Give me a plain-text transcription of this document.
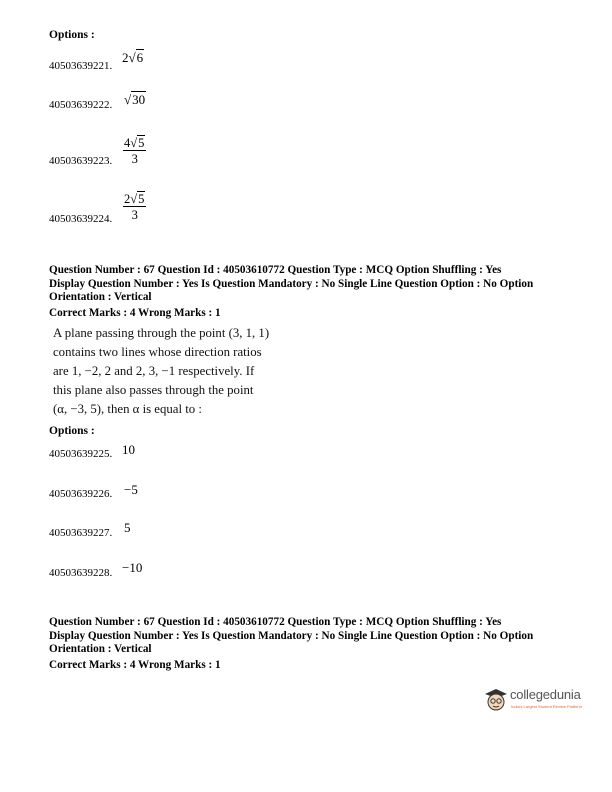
Options :
40503639221.
2√6
40503639222. √30
40503639223. $\frac{4√5}{3}$
40503639224. $\frac{2√5}{3}$
Question Number : 67 Question Id : 40503610772 Question Type : MCQ Option Shuffling : Yes
Display Question Number : Yes Is Question Mandatory : No Single Line Question Option : No Option
Orientation : Vertical
Correct Marks : 4 Wrong Marks : 1
A plane passing through the point (3, 1, 1)
contains two lines whose direction ratios
are 1, −2, 2 and 2, 3, −1 respectively. If
this plane also passes through the point
(α, −3, 5), then α is equal to :
Options :
40503639225. 10
40503639226. −5
40503639227. 5
40503639228. −10
Question Number : 67 Question Id : 40503610772 Question Type : MCQ Option Shuffling : Yes
Display Question Number : Yes Is Question Mandatory : No Single Line Question Option : No Option
Orientation : Vertical
Correct Marks : 4 Wrong Marks : 1
collegedunia
India's Largest Student Review Platform
